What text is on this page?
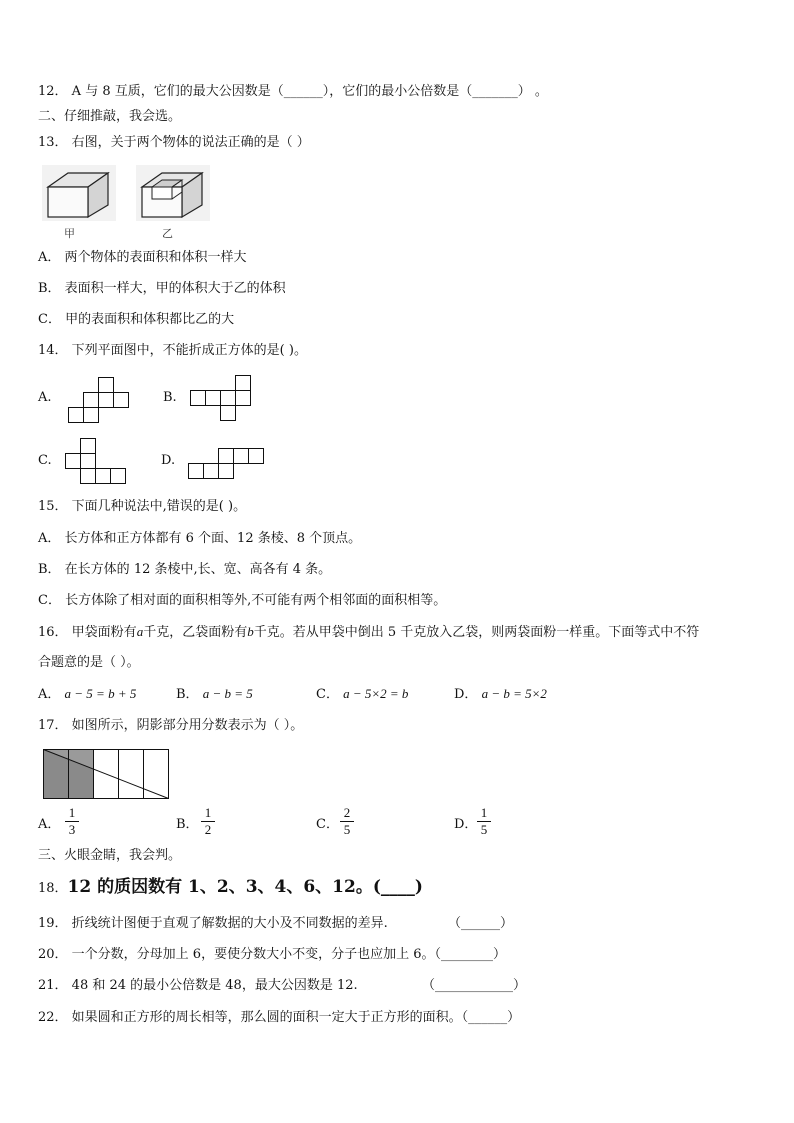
12． A 与 8 互质，它们的最大公因数是（______），它们的最小公倍数是（_______） 。
二、仔细推敲，我会选。
13． 右图，关于两个物体的说法正确的是（ ）
甲	乙
A． 两个物体的表面积和体积一样大
B． 表面积一样大，甲的体积大于乙的体积
C． 甲的表面积和体积都比乙的大
14． 下列平面图中，不能折成正方体的是( )。
A.	B.
C.	D.
15． 下面几种说法中,错误的是( )。
A． 长方体和正方体都有 6 个面、12 条棱、8 个顶点。
B． 在长方体的 12 条棱中,长、宽、高各有 4 条。
C． 长方体除了相对面的面积相等外,不可能有两个相邻面的面积相等。
16． 甲袋面粉有a千克，乙袋面粉有b千克。若从甲袋中倒出 5 千克放入乙袋，则两袋面粉一样重。下面等式中不符
合题意的是（ ）。
A． a − 5 = b + 5	B． a − b = 5	C． a − 5×2 = b	D． a − b = 5×2
17． 如图所示，阴影部分用分数表示为（ ）。
A．
1
3	B．
1
2	C．
2
5	D．
1
5
三、火眼金睛，我会判。
18．12 的质因数有 1、2、3、4、6、12。(____)
19． 折线统计图便于直观了解数据的大小及不同数据的差异.	（______）
20． 一个分数，分母加上 6，要使分数大小不变，分子也应加上 6。（________）
21． 48 和 24 的最小公倍数是 48，最大公因数是 12.	（____________）
22． 如果圆和正方形的周长相等，那么圆的面积一定大于正方形的面积。（______）
